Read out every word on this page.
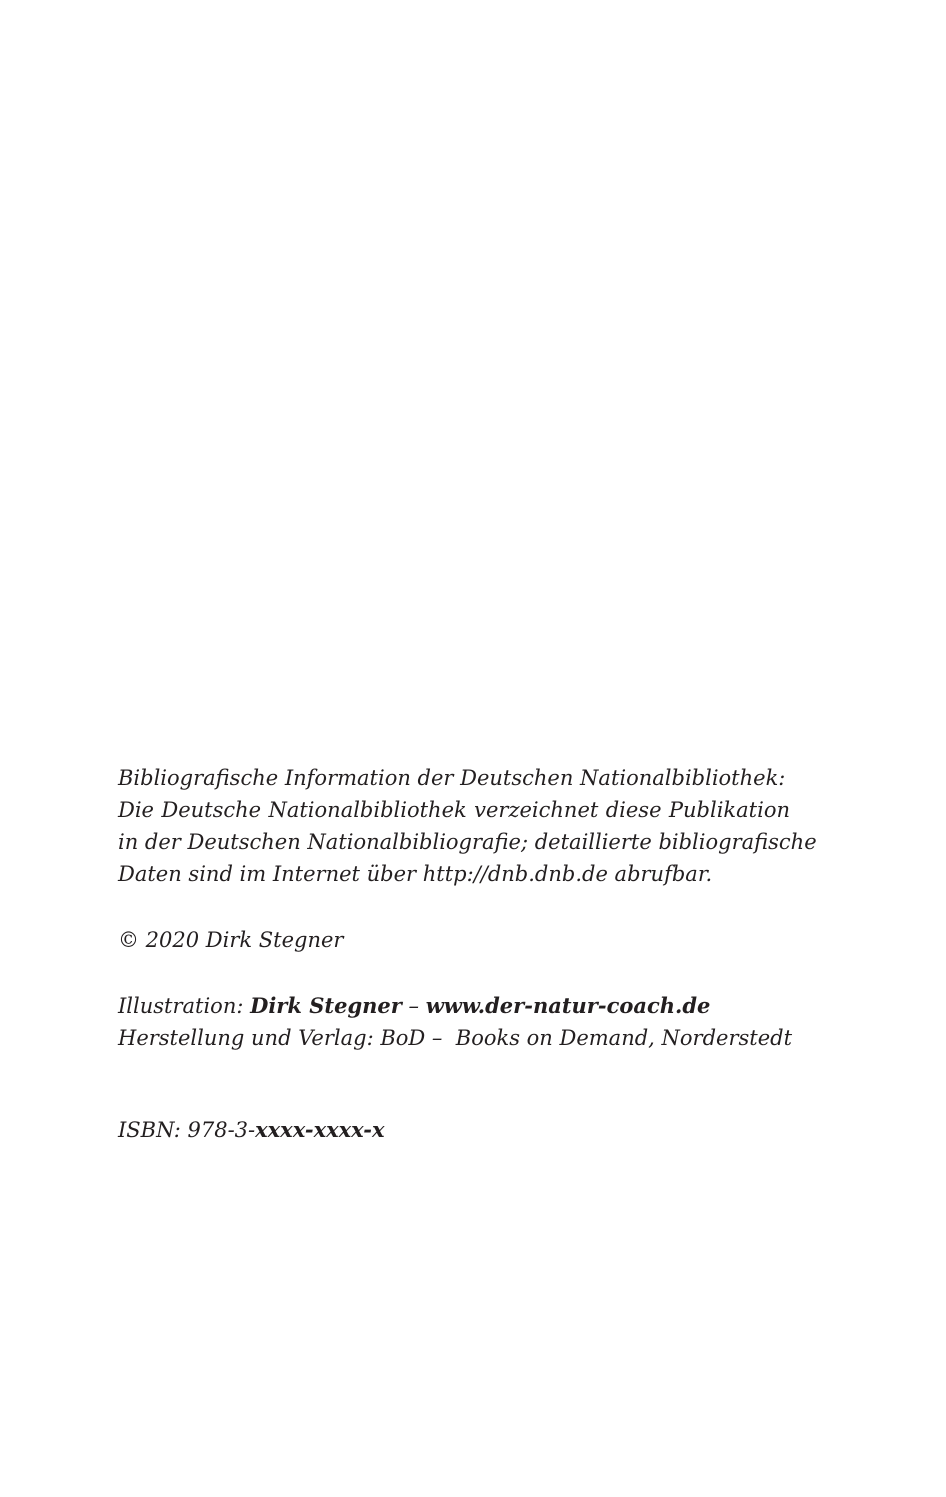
Bibliografische Information der Deutschen Nationalbibliothek:
Die Deutsche Nationalbibliothek verzeichnet diese Publikation
in der Deutschen Nationalbibliografie; detaillierte bibliografische
Daten sind im Internet über http://dnb.dnb.de abrufbar.

© 2020 Dirk Stegner

Illustration: Dirk Stegner – www.der-natur-coach.de

Herstellung und Verlag: BoD –  Books on Demand, Norderstedt

ISBN: 978-3-xxxx-xxxx-x
